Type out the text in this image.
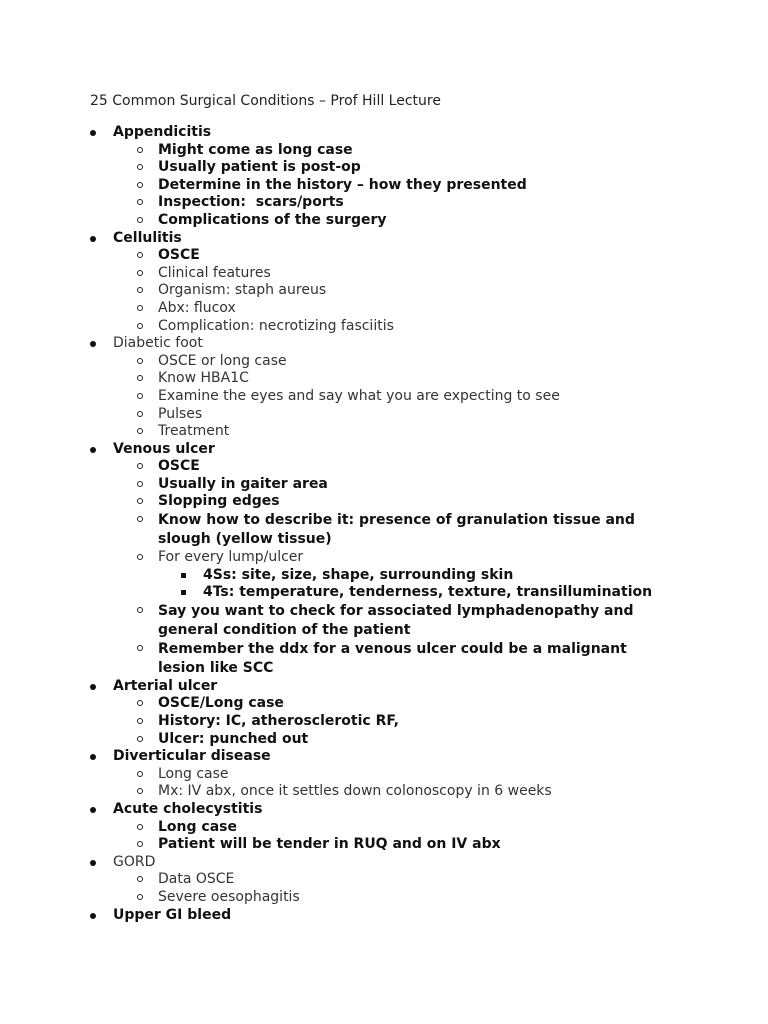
25 Common Surgical Conditions – Prof Hill Lecture
Appendicitis
Might come as long case
Usually patient is post-op
Determine in the history – how they presented
Inspection:  scars/ports
Complications of the surgery
Cellulitis
OSCE
Clinical features
Organism: staph aureus
Abx: flucox
Complication: necrotizing fasciitis
Diabetic foot
OSCE or long case
Know HBA1C
Examine the eyes and say what you are expecting to see
Pulses
Treatment
Venous ulcer
OSCE
Usually in gaiter area
Slopping edges
Know how to describe it: presence of granulation tissue and slough (yellow tissue)
For every lump/ulcer
4Ss: site, size, shape, surrounding skin
4Ts: temperature, tenderness, texture, transillumination
Say you want to check for associated lymphadenopathy and general condition of the patient
Remember the ddx for a venous ulcer could be a malignant lesion like SCC
Arterial ulcer
OSCE/Long case
History: IC, atherosclerotic RF,
Ulcer: punched out
Diverticular disease
Long case
Mx: IV abx, once it settles down colonoscopy in 6 weeks
Acute cholecystitis
Long case
Patient will be tender in RUQ and on IV abx
GORD
Data OSCE
Severe oesophagitis
Upper GI bleed
